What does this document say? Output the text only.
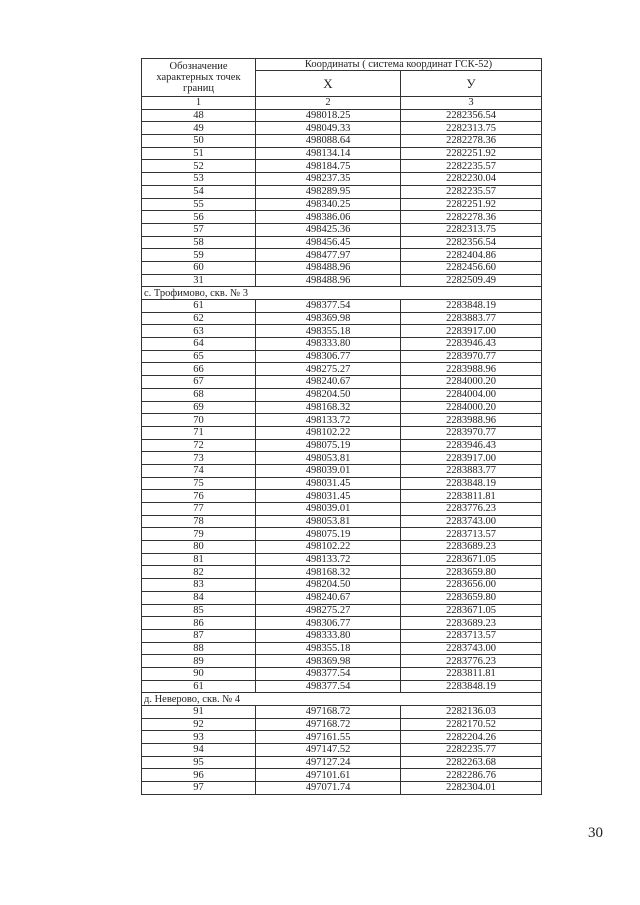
Обозначение характерных точек границ	Координаты ( система координат ГСК-52)	
	X	У
1	2	3
48	498018.25	2282356.54
49	498049.33	2282313.75
50	498088.64	2282278.36
51	498134.14	2282251.92
52	498184.75	2282235.57
53	498237.35	2282230.04
54	498289.95	2282235.57
55	498340.25	2282251.92
56	498386.06	2282278.36
57	498425.36	2282313.75
58	498456.45	2282356.54
59	498477.97	2282404.86
60	498488.96	2282456.60
31	498488.96	2282509.49
с. Трофимово, скв. № 3		
61	498377.54	2283848.19
62	498369.98	2283883.77
63	498355.18	2283917.00
64	498333.80	2283946.43
65	498306.77	2283970.77
66	498275.27	2283988.96
67	498240.67	2284000.20
68	498204.50	2284004.00
69	498168.32	2284000.20
70	498133.72	2283988.96
71	498102.22	2283970.77
72	498075.19	2283946.43
73	498053.81	2283917.00
74	498039.01	2283883.77
75	498031.45	2283848.19
76	498031.45	2283811.81
77	498039.01	2283776.23
78	498053.81	2283743.00
79	498075.19	2283713.57
80	498102.22	2283689.23
81	498133.72	2283671.05
82	498168.32	2283659.80
83	498204.50	2283656.00
84	498240.67	2283659.80
85	498275.27	2283671.05
86	498306.77	2283689.23
87	498333.80	2283713.57
88	498355.18	2283743.00
89	498369.98	2283776.23
90	498377.54	2283811.81
61	498377.54	2283848.19
д. Неверово, скв. № 4		
91	497168.72	2282136.03
92	497168.72	2282170.52
93	497161.55	2282204.26
94	497147.52	2282235.77
95	497127.24	2282263.68
96	497101.61	2282286.76
97	497071.74	2282304.01
30
